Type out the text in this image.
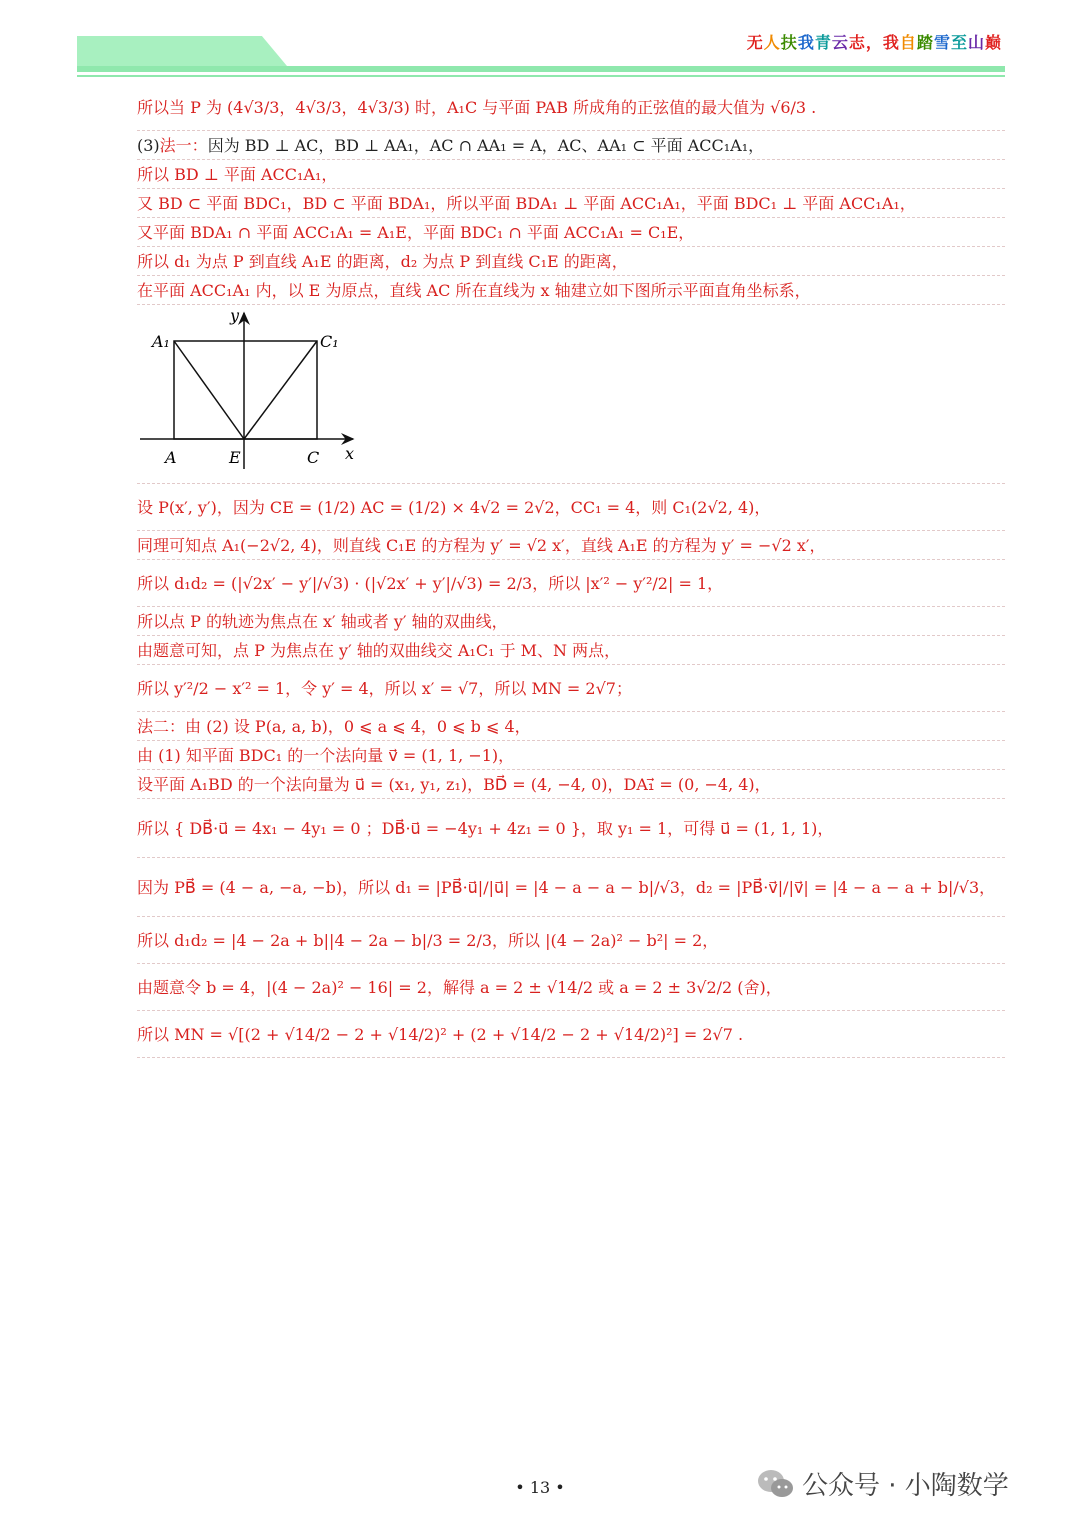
无人扶我青云志，我自踏雪至山巅
所以当 P 为 (4√3/3，4√3/3，4√3/3) 时，A₁C 与平面 PAB 所成角的正弦值的最大值为 √6/3 .
(3) 法一： 因为 BD ⊥ AC，BD ⊥ AA₁，AC ∩ AA₁ = A，AC、AA₁ ⊂ 平面 ACC₁A₁，
所以 BD ⊥ 平面 ACC₁A₁，
又 BD ⊂ 平面 BDC₁，BD ⊂ 平面 BDA₁，所以平面 BDA₁ ⊥ 平面 ACC₁A₁，平面 BDC₁ ⊥ 平面 ACC₁A₁，
又平面 BDA₁ ∩ 平面 ACC₁A₁ = A₁E，平面 BDC₁ ∩ 平面 ACC₁A₁ = C₁E，
所以 d₁ 为点 P 到直线 A₁E 的距离，d₂ 为点 P 到直线 C₁E 的距离，
在平面 ACC₁A₁ 内，以 E 为原点，直线 AC 所在直线为 x 轴建立如下图所示平面直角坐标系，
y
x
A₁	C₁
A	E	C
设 P(x′, y′)，因为 CE = (1/2) AC = (1/2) × 4√2 = 2√2，CC₁ = 4，则 C₁(2√2, 4)，
同理可知点 A₁(−2√2, 4)，则直线 C₁E 的方程为 y′ = √2 x′，直线 A₁E 的方程为 y′ = −√2 x′，
所以 d₁d₂ = (|√2x′ − y′|/√3) · (|√2x′ + y′|/√3) = 2/3，所以 |x′² − y′²/2| = 1，
所以点 P 的轨迹为焦点在 x′ 轴或者 y′ 轴的双曲线，
由题意可知，点 P 为焦点在 y′ 轴的双曲线交 A₁C₁ 于 M、N 两点，
所以 y′²/2 − x′² = 1，令 y′ = 4，所以 x′ = √7，所以 MN = 2√7；
法二：由 (2) 设 P(a, a, b)，0 ⩽ a ⩽ 4，0 ⩽ b ⩽ 4，
由 (1) 知平面 BDC₁ 的一个法向量 v⃗ = (1, 1, −1)，
设平面 A₁BD 的一个法向量为 u⃗ = (x₁, y₁, z₁)，BD⃗ = (4, −4, 0)，DA₁⃗ = (0, −4, 4)，
所以 { DB⃗·u⃗ = 4x₁ − 4y₁ = 0 ；DB⃗·u⃗ = −4y₁ + 4z₁ = 0 }，取 y₁ = 1，可得 u⃗ = (1, 1, 1)，
因为 PB⃗ = (4 − a, −a, −b)，所以 d₁ = |PB⃗·u⃗|/|u⃗| = |4 − a − a − b|/√3，d₂ = |PB⃗·v⃗|/|v⃗| = |4 − a − a + b|/√3，
所以 d₁d₂ = |4 − 2a + b||4 − 2a − b|/3 = 2/3，所以 |(4 − 2a)² − b²| = 2，
由题意令 b = 4，|(4 − 2a)² − 16| = 2，解得 a = 2 ± √14/2 或 a = 2 ± 3√2/2 (舍)，
所以 MN = √[(2 + √14/2 − 2 + √14/2)² + (2 + √14/2 − 2 + √14/2)²] = 2√7 .
• 13 •	公众号 · 小陶数学
